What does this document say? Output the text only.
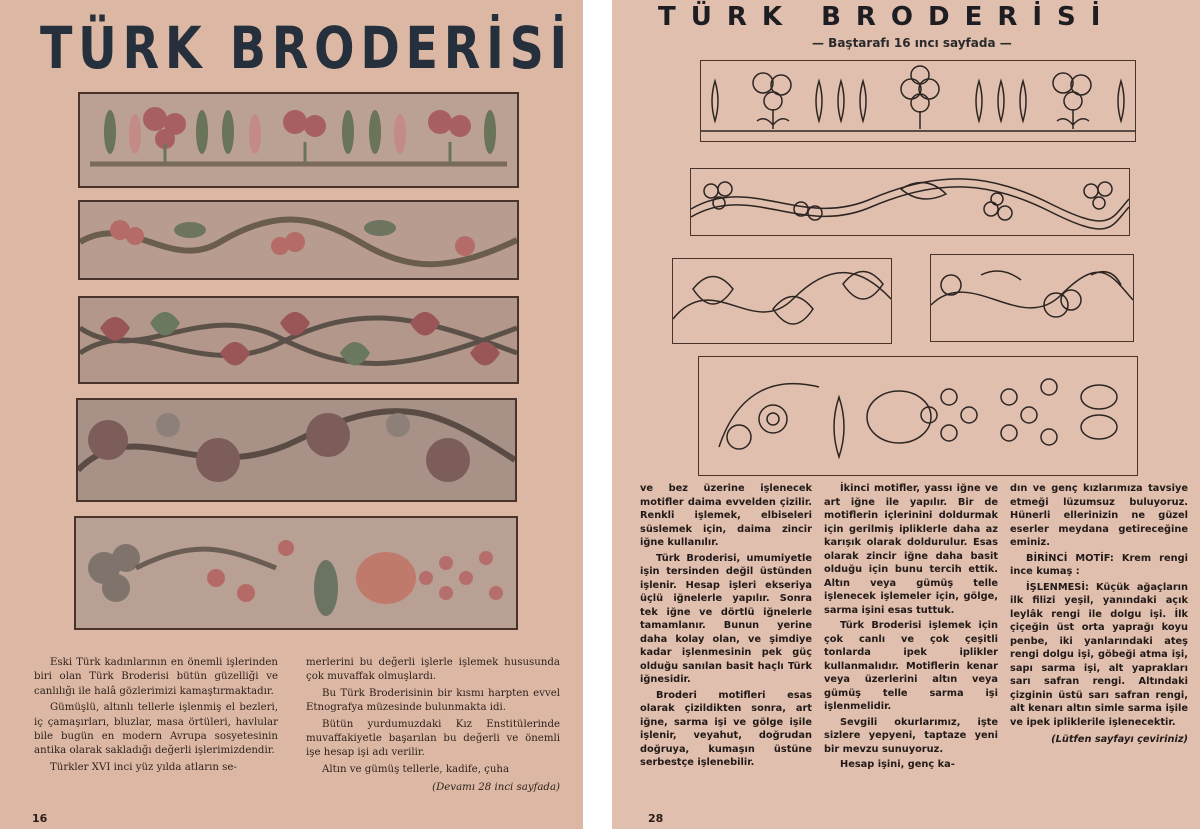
TÜRK BRODERİSİ

Eski Türk kadınlarının en önemli işlerinden biri olan Türk Broderisi bütün güzelliği ve canlılığı ile halâ gözlerimizi kamaştırmaktadır.

Gümüşlü, altınlı tellerle işlenmiş el bezleri, iç çamaşırları, bluzlar, masa örtüleri, havlular bile bugün en modern Avrupa sosyetesinin antika olarak sakladığı değerli işlerimizdendir.

Türkler XVI inci yüz yılda atların se-

merlerini bu değerli işlerle işlemek hususunda çok muvaffak olmuşlardı.

Bu Türk Broderisinin bir kısmı harpten evvel Etnografya müzesinde bulunmakta idi.

Bütün yurdumuzdaki Kız Enstitülerinde muvaffakiyetle başarılan bu değerli ve önemli işe hesap işi adı verilir.

Altın ve gümüş tellerle, kadife, çuha

(Devamı 28 inci sayfada)
16
TÜRK BRODERİSİ
— Baştarafı 16 ıncı sayfada —

ve bez üzerine işlenecek motifler daima evvelden çizilir. Renkli işlemek, elbiseleri süslemek için, daima zincir iğne kullanılır.

Türk Broderisi, umumiyetle işin tersinden değil üstünden işlenir. Hesap işleri ekseriya üçlü iğnelerle yapılır. Sonra tek iğne ve dörtlü iğnelerle tamamlanır. Bunun yerine daha kolay olan, ve şimdiye kadar işlenmesinin pek güç olduğu sanılan basit haçlı Türk iğnesidir.

Broderi motifleri esas olarak çizildikten sonra, art iğne, sarma işi ve gölge işile işlenir, veyahut, doğrudan doğruya, kumaşın üstüne serbestçe işlenebilir.

İkinci motifler, yassı iğne ve art iğne ile yapılır. Bir de motiflerin içlerinini doldurmak için gerilmiş ipliklerle daha az karışık olarak doldurulur. Esas olarak zincir iğne daha basit olduğu için bunu tercih ettik. Altın veya gümüş telle işlenecek işlemeler için, gölge, sarma işini esas tuttuk.

Türk Broderisi işlemek için çok canlı ve çok çeşitli tonlarda ipek iplikler kullanmalıdır. Motiflerin kenar veya üzerlerini altın veya gümüş telle sarma işi işlenmelidir.

Sevgili okurlarımız, işte sizlere yepyeni, taptaze yeni bir mevzu sunuyoruz.

Hesap işini, genç ka-

dın ve genç kızlarımıza tavsiye etmeği lüzumsuz buluyoruz. Hünerli ellerinizin ne güzel eserler meydana getireceğine eminiz.

BİRİNCİ MOTİF: Krem rengi ince kumaş :

İŞLENMESİ: Küçük ağaçların ilk filizi yeşil, yanındaki açık leylâk rengi ile dolgu işi. İlk çiçeğin üst orta yaprağı koyu penbe, iki yanlarındaki ateş rengi dolgu işi, göbeği atma işi, sapı sarma işi, alt yaprakları sarı safran rengi. Altındaki çizginin üstü sarı safran rengi, alt kenarı altın simle sarma işile ve ipek ipliklerile işlenecektir.

(Lütfen sayfayı çeviriniz)
28
